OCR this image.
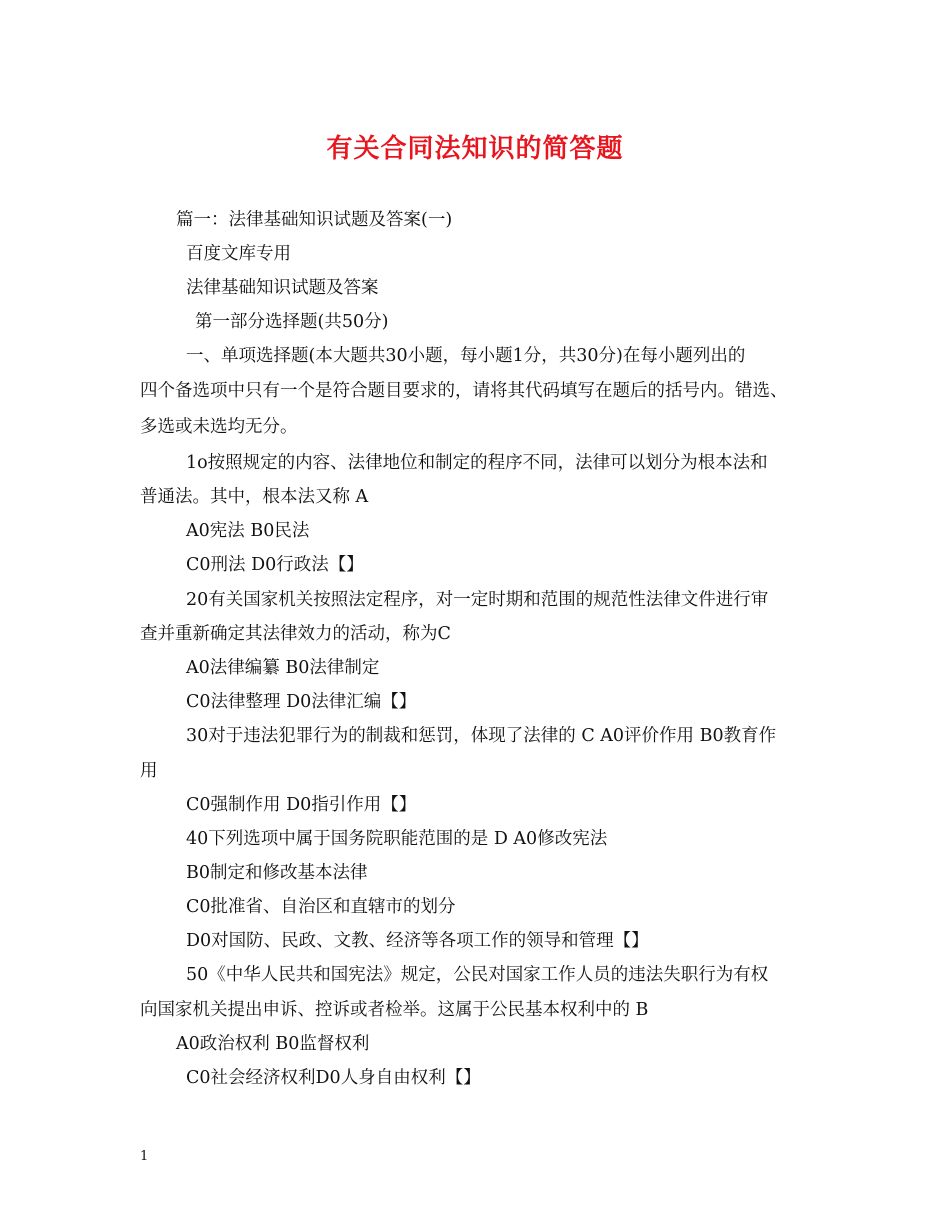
有关合同法知识的简答题
篇一：法律基础知识试题及答案(一)
百度文库专用
法律基础知识试题及答案
第一部分选择题(共50分)
一、单项选择题(本大题共30小题，每小题1分，共30分)在每小题列出的
四个备选项中只有一个是符合题目要求的，请将其代码填写在题后的括号内。错选、
多选或未选均无分。
1o按照规定的内容、法律地位和制定的程序不同，法律可以划分为根本法和
普通法。其中，根本法又称 A
A0宪法 B0民法
C0刑法 D0行政法【】
20有关国家机关按照法定程序，对一定时期和范围的规范性法律文件进行审
查并重新确定其法律效力的活动，称为C
A0法律编纂 B0法律制定
C0法律整理 D0法律汇编【】
30对于违法犯罪行为的制裁和惩罚，体现了法律的 C A0评价作用 B0教育作
用
C0强制作用 D0指引作用【】
40下列选项中属于国务院职能范围的是 D A0修改宪法
B0制定和修改基本法律
C0批准省、自治区和直辖市的划分
D0对国防、民政、文教、经济等各项工作的领导和管理【】
50《中华人民共和国宪法》规定，公民对国家工作人员的违法失职行为有权
向国家机关提出申诉、控诉或者检举。这属于公民基本权利中的 B
A0政治权利 B0监督权利
C0社会经济权利D0人身自由权利【】
1
